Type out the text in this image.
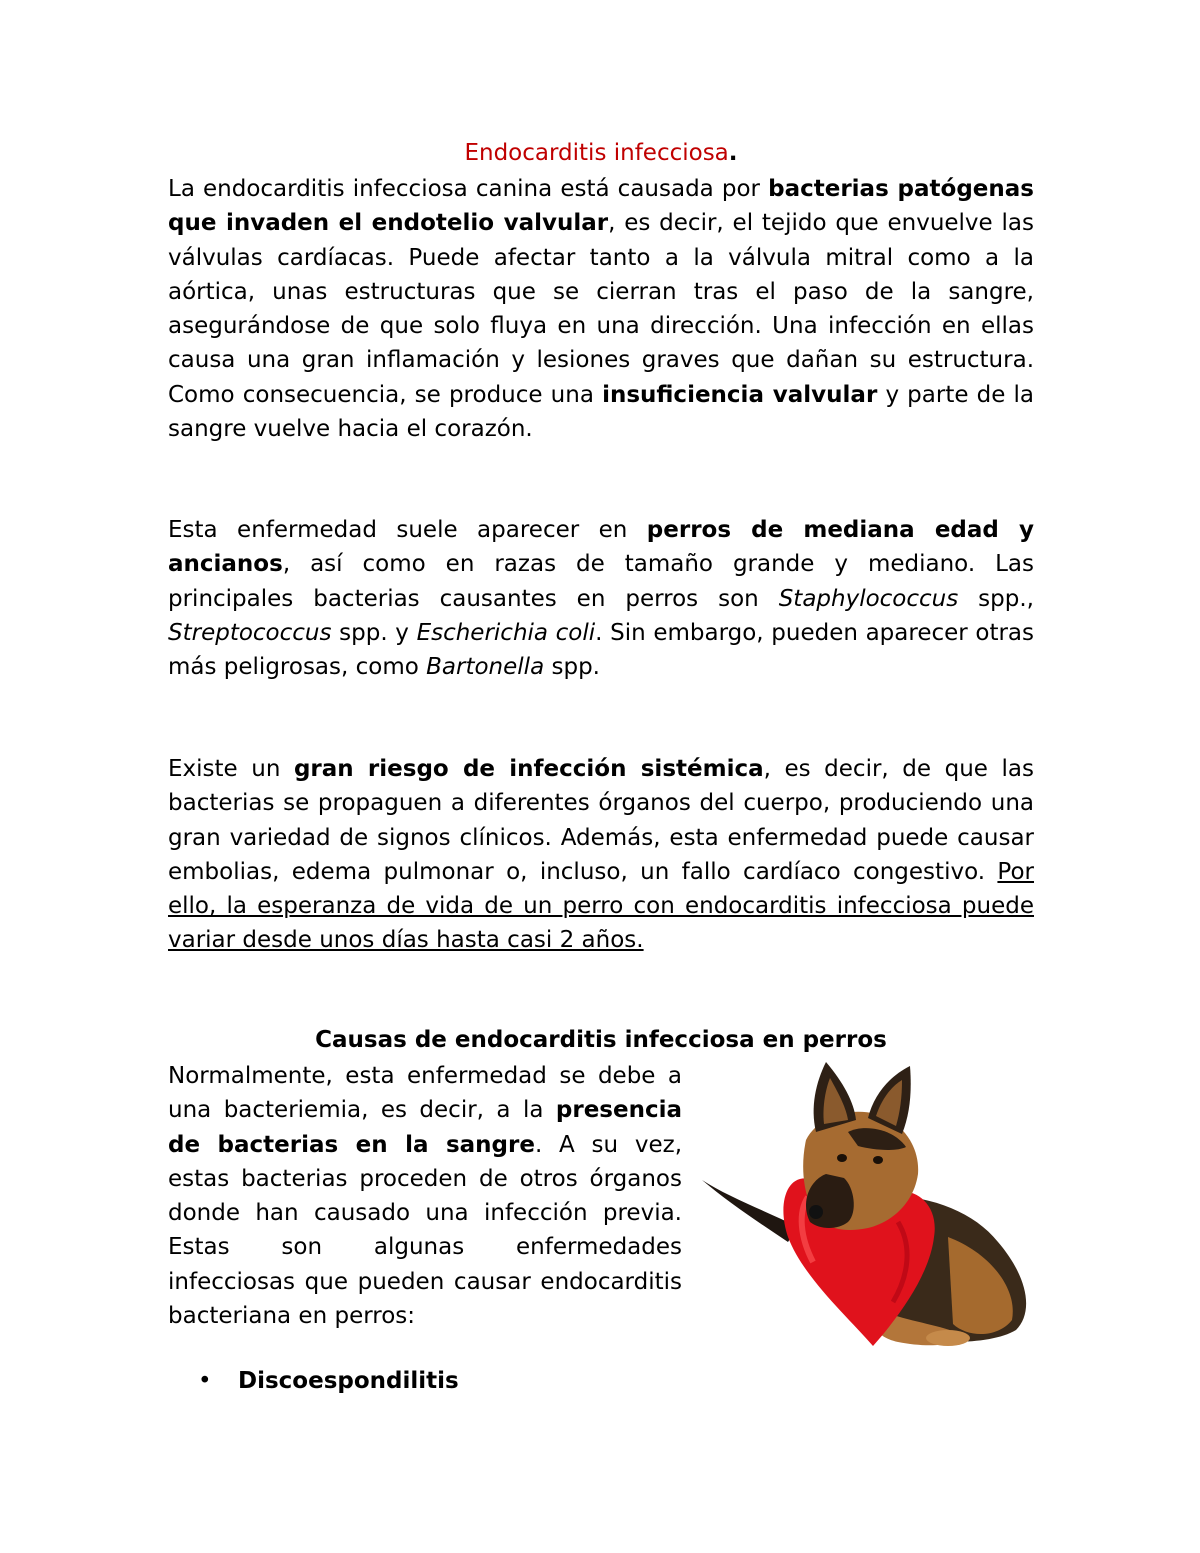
Endocarditis infecciosa.

La endocarditis infecciosa canina está causada por bacterias patógenas que invaden el endotelio valvular, es decir, el tejido que envuelve las válvulas cardíacas. Puede afectar tanto a la válvula mitral como a la aórtica, unas estructuras que se cierran tras el paso de la sangre, asegurándose de que solo fluya en una dirección. Una infección en ellas causa una gran inflamación y lesiones graves que dañan su estructura. Como consecuencia, se produce una insuficiencia valvular y parte de la sangre vuelve hacia el corazón.

Esta enfermedad suele aparecer en perros de mediana edad y ancianos, así como en razas de tamaño grande y mediano. Las principales bacterias causantes en perros son Staphylococcus spp., Streptococcus spp. y Escherichia coli. Sin embargo, pueden aparecer otras más peligrosas, como Bartonella spp.

Existe un gran riesgo de infección sistémica, es decir, de que las bacterias se propaguen a diferentes órganos del cuerpo, produciendo una gran variedad de signos clínicos. Además, esta enfermedad puede causar embolias, edema pulmonar o, incluso, un fallo cardíaco congestivo. Por ello, la esperanza de vida de un perro con endocarditis infecciosa puede variar desde unos días hasta casi 2 años.

Causas de endocarditis infecciosa en perros

Normalmente, esta enfermedad se debe a una bacteriemia, es decir, a la presencia de bacterias en la sangre. A su vez, estas bacterias proceden de otros órganos donde han causado una infección previa. Estas son algunas enfermedades infecciosas que pueden causar endocarditis bacteriana en perros:

• Discoespondilitis
